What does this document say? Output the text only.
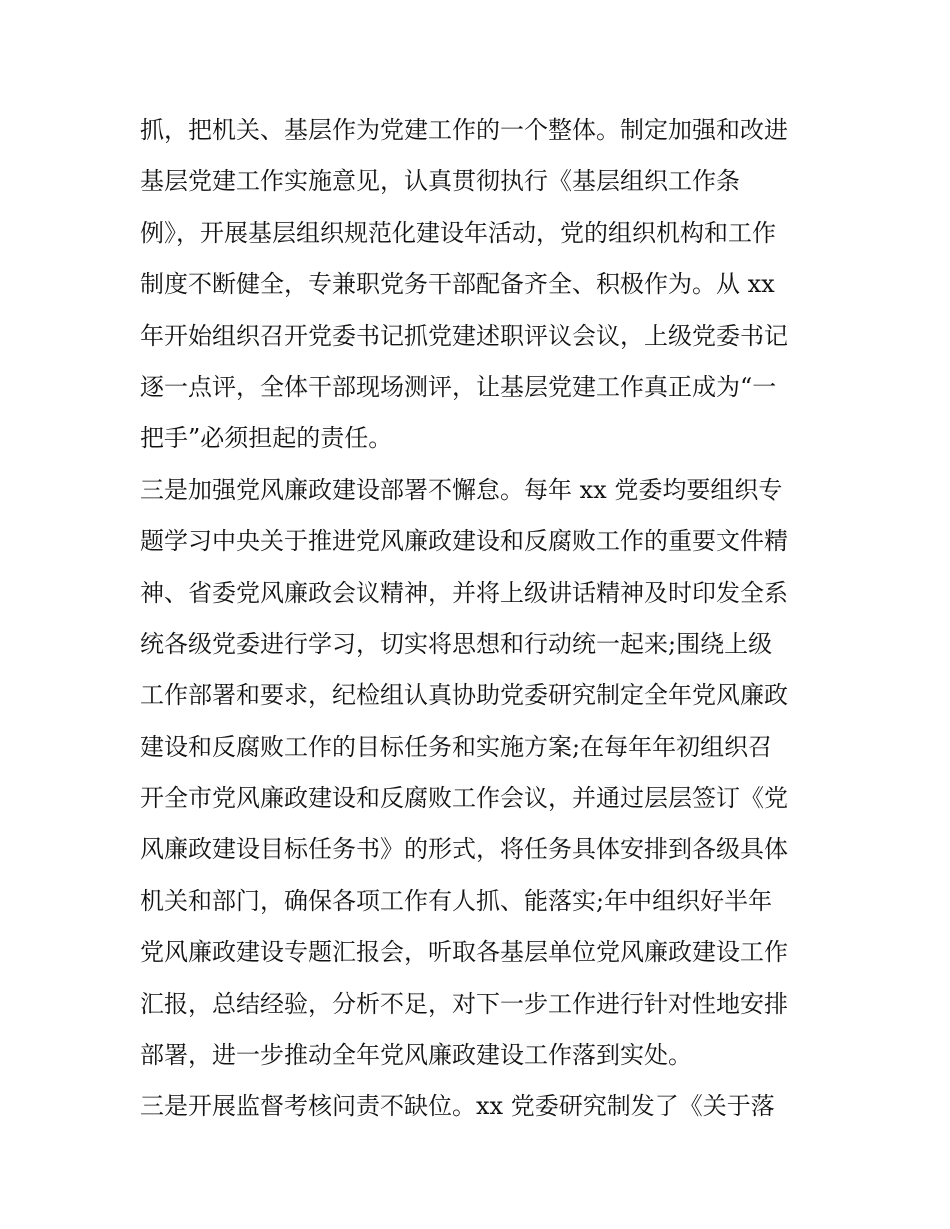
抓，把机关、基层作为党建工作的一个整体。制定加强和改进
基层党建工作实施意见，认真贯彻执行《基层组织工作条
例》，开展基层组织规范化建设年活动，党的组织机构和工作
制度不断健全，专兼职党务干部配备齐全、积极作为。从 xx
年开始组织召开党委书记抓党建述职评议会议，上级党委书记
逐一点评，全体干部现场测评，让基层党建工作真正成为“一
把手”必须担起的责任。
三是加强党风廉政建设部署不懈怠。每年 xx 党委均要组织专
题学习中央关于推进党风廉政建设和反腐败工作的重要文件精
神、省委党风廉政会议精神，并将上级讲话精神及时印发全系
统各级党委进行学习，切实将思想和行动统一起来;围绕上级
工作部署和要求，纪检组认真协助党委研究制定全年党风廉政
建设和反腐败工作的目标任务和实施方案;在每年年初组织召
开全市党风廉政建设和反腐败工作会议，并通过层层签订《党
风廉政建设目标任务书》的形式，将任务具体安排到各级具体
机关和部门，确保各项工作有人抓、能落实;年中组织好半年
党风廉政建设专题汇报会，听取各基层单位党风廉政建设工作
汇报，总结经验，分析不足，对下一步工作进行针对性地安排
部署，进一步推动全年党风廉政建设工作落到实处。
三是开展监督考核问责不缺位。xx 党委研究制发了《关于落
